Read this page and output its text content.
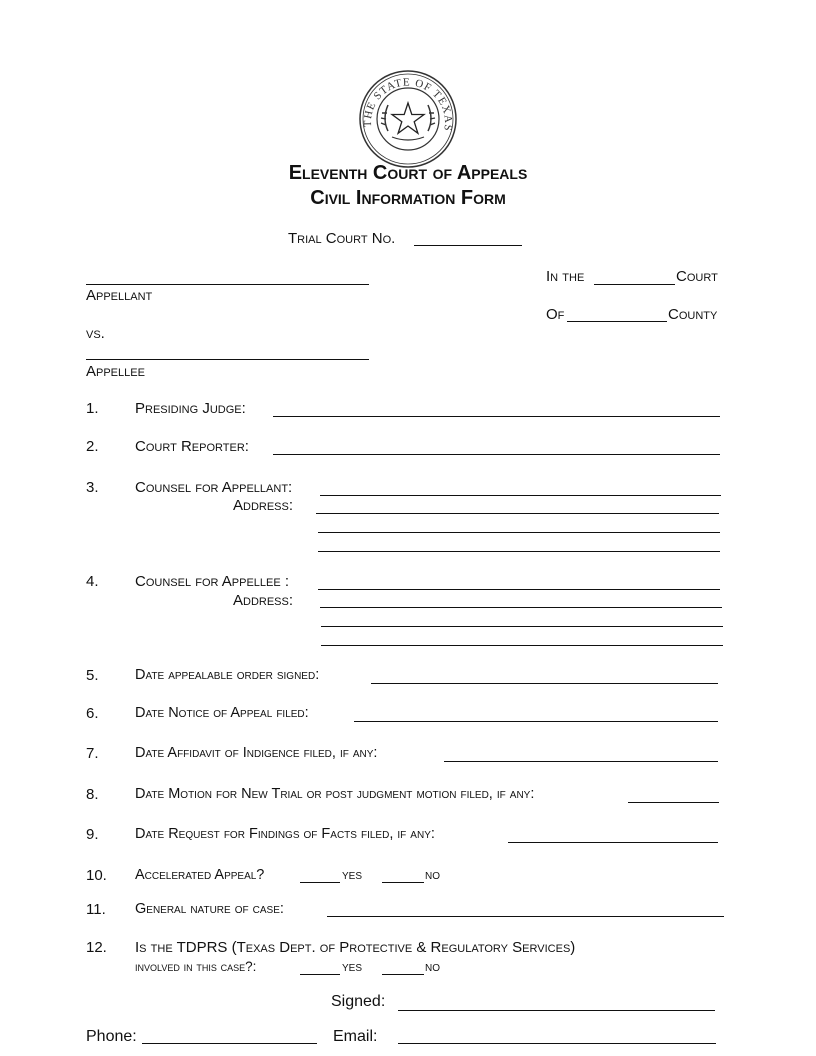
THE STATE OF TEXAS
Eleventh Court of Appeals
Civil Information Form
Trial Court No.
Appellant
vs.
Appellee
In the	Court
Of	County
1. Presiding Judge:
2. Court Reporter:
3. Counsel for Appellant:
Address:
4. Counsel for Appellee :
Address:
5.	Date appealable order signed:
6.	Date Notice of Appeal filed:
7.	Date Affidavit of Indigence filed, if any:
8.	Date Motion for New Trial or post judgment motion filed, if any:
9.	Date Request for Findings of Facts filed, if any:
10. Accelerated Appeal?	yes	no
11. General nature of case:
12. Is the TDPRS (Texas Dept. of Protective & Regulatory Services)
involved in this case?:	yes	no
Signed:
Phone:	Email:
